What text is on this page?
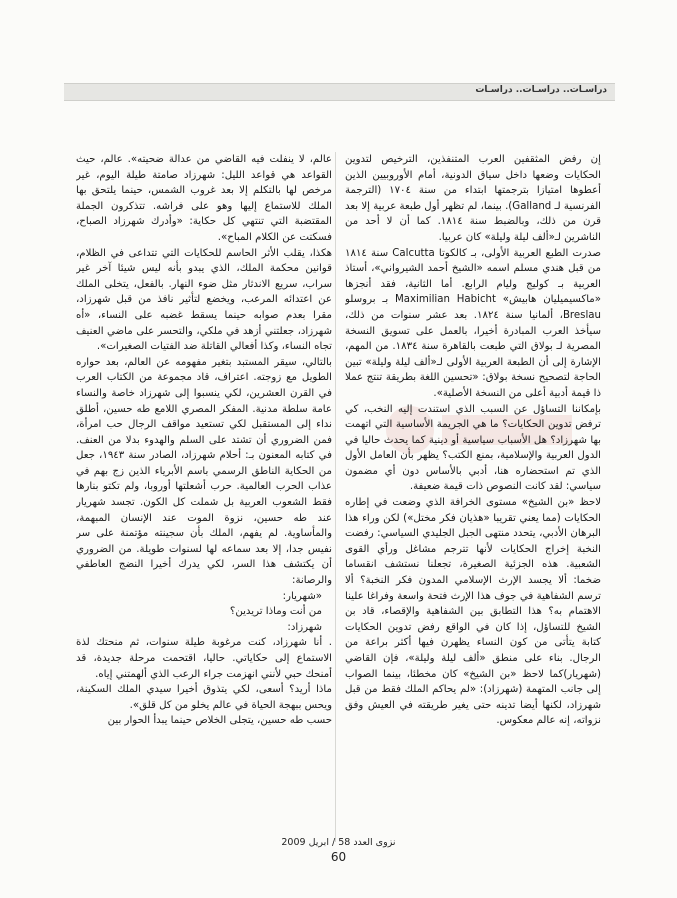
دراسـات.. دراسـات.. دراسـات

إن رفض المثقفين العرب المتنفذين، الترخيص لتدوين الحكايات وضعها داخل سياق الدونية، أمام الأوروبيين الذين أعطوها امتيازا بترجمتها ابتداء من سنة ١٧٠٤ (الترجمة الفرنسية لـ Galland). بينما، لم تظهر أول طبعة عربية إلا بعد قرن من ذلك، وبالضبط سنة ١٨١٤. كما أن لا أحد من الناشرين لـ«ألف ليلة وليلة» كان عربيا.

صدرت الطبع العربية الأولى، بـ كالكوتا Calcutta سنة ١٨١٤ من قبل هندي مسلم اسمه «الشيخ أحمد الشيرواني»، أستاذ العربية بـ كوليج وليام الرابع. أما الثانية، فقد أنجزها «ماكسيميليان هابيش» Maximilian Habicht بـ بروسلو Breslau، ألمانيا سنة ١٨٢٤. بعد عشر سنوات من ذلك، سيأخذ العرب المبادرة أخيرا، بالعمل على تسويق النسخة المصرية لـ بولاق التي طبعت بالقاهرة سنة ١٨٣٤. من المهم، الإشارة إلى أن الطبعة العربية الأولى لـ«ألف ليلة وليلة» تبين الحاجة لتصحيح نسخة بولاق: «تحسين اللغة بطريقة تنتج عملا ذا قيمة أدبية أعلى من النسخة الأصلية».

بإمكاننا التساؤل عن السبب الذي استندت إليه النخب، كي ترفض تدوين الحكايات؟ ما هي الجريمة الأساسية التي اتهمت بها شهرزاد؟ هل الأسباب سياسية أو دينية كما يحدث حاليا في الدول العربية والإسلامية، بمنع الكتب؟ يظهر بأن العامل الأول الذي تم استحضاره هنا، أدبي بالأساس دون أي مضمون سياسي: لقد كانت النصوص ذات قيمة ضعيفة.

لاحظ «بن الشيخ» مستوى الخرافة الذي وضعت في إطاره الحكايات (مما يعني تقريبا «هذيان فكر مختل») لكن وراء هذا البرهان الأدبي، يتحدد منتهى الجبل الجليدي السياسي: رفضت النخبة إخراج الحكايات لأنها تترجم مشاغل ورأي القوى الشعبية. هذه الجزئية الصغيرة، تجعلنا نستشف انقساما ضخما: ألا يجسد الإرث الإسلامي المدون فكر النخبة؟ ألا ترسم الشفاهية في جوف هذا الإرث فتحة واسعة وفراغا علينا الاهتمام به؟ هذا التطابق بين الشفاهية والإقصاء، قاد بن الشيخ للتساؤل، إذا كان في الواقع رفض تدوين الحكايات كتابة يتأتى من كون النساء يظهرن فيها أكثر براعة من الرجال. بناء على منطق «ألف ليلة وليلة»، فإن القاضي (شهريار)كما لاحظ «بن الشيخ» كان مخطئا، بينما الصواب إلى جانب المتهمة (شهرزاد): «لم يحاكم الملك فقط من قبل شهرزاد، لكنها أيضا تدينه حتى يغير طريقته في العيش وفق نزواته، إنه عالم معكوس.

عالم، لا ينفلت فيه القاضي من عدالة ضحيته». عالم، حيث القواعد هي قواعد الليل: شهرزاد صامتة طيلة اليوم، غير مرخص لها بالتكلم إلا بعد غروب الشمس، حينما يلتحق بها الملك للاستماع إليها وهو على فراشه. تتذكرون الجملة المقتضبة التي تنتهي كل حكاية: «وأدرك شهرزاد الصباح، فسكتت عن الكلام المباح».

هكذا، يقلب الأثر الحاسم للحكايات التي تتداعى في الظلام، قوانين محكمة الملك، الذي يبدو بأنه ليس شيئا آخر غير سراب، سريع الاندثار مثل ضوء النهار. بالفعل، يتخلى الملك عن اعتدائه المرعب، ويخضع لتأثير نافذ من قبل شهرزاد، مقرا بعدم صوابه حينما يسقط غضبه على النساء، «أه شهرزاد، جعلتني أزهد في ملكي، والتحسر على ماضي العنيف تجاه النساء، وكذا أفعالي القاتلة ضد الفتيات الصغيرات».

بالتالي، سيقر المستبد بتغير مفهومه عن العالم، بعد حواره الطويل مع زوجته. اعتراف، قاد مجموعة من الكتاب العرب في القرن العشرين، لكي ينسبوا إلى شهرزاد خاصة والنساء عامة سلطة مدنية. المفكر المصري اللامع طه حسين، أطلق نداء إلى المستقبل لكي تستعيد مواقف الرجال حب امرأة، فمن الضروري أن تشتد على السلم والهدوء بدلا من العنف. في كتابه المعنون بـ: أحلام شهرزاد، الصادر سنة ١٩٤٣، جعل من الحكاية الناطق الرسمي باسم الأبرياء الذين زج بهم في عذاب الحرب العالمية. حرب أشعلتها أوروبا، ولم تكتو بنارها فقط الشعوب العربية بل شملت كل الكون. تجسد شهريار عند طه حسين، نزوة الموت عند الإنسان المبهمة، والمأساوية. لم يفهم، الملك بأن سجينته مؤتمنة على سر نفيس جدا، إلا بعد سماعه لها لسنوات طويلة. من الضروري أن يكتشف هذا السر، لكي يدرك أخيرا النضج العاطفي والرصانة:

«شهريار:

من أنت وماذا تريدين؟

شهرزاد:

. أنا شهرزاد، كنت مرغوبة طيلة سنوات، ثم منحتك لذة الاستماع إلى حكاياتي. حاليا، اقتحمت مرحلة جديدة، قد أمنحك حبي لأنني انهزمت جراء الرعب الذي ألهمتني إياه.

ماذا أريد؟ أسعى، لكي يتذوق أخيرا سيدي الملك السكينة، ويحس ببهجة الحياة في عالم يخلو من كل قلق».

حسب طه حسين، يتجلى الخلاص حينما يبدأ الحوار بين

نزوى العدد 58 / ابريل 2009
60
